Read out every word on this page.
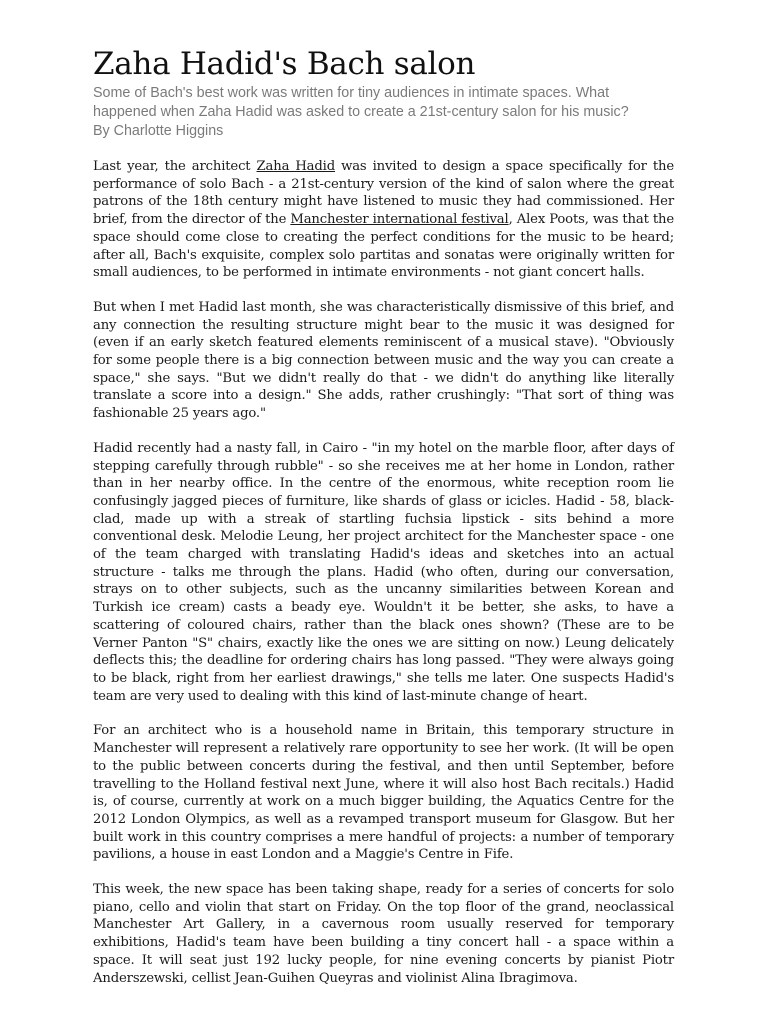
Zaha Hadid's Bach salon

Some of Bach's best work was written for tiny audiences in intimate spaces. What happened when Zaha Hadid was asked to create a 21st-century salon for his music?

By Charlotte Higgins

Last year, the architect Zaha Hadid was invited to design a space specifically for the performance of solo Bach - a 21st-century version of the kind of salon where the great patrons of the 18th century might have listened to music they had commissioned. Her brief, from the director of the Manchester international festival, Alex Poots, was that the space should come close to creating the perfect conditions for the music to be heard; after all, Bach's exquisite, complex solo partitas and sonatas were originally written for small audiences, to be performed in intimate environments - not giant concert halls.

But when I met Hadid last month, she was characteristically dismissive of this brief, and any connection the resulting structure might bear to the music it was designed for (even if an early sketch featured elements reminiscent of a musical stave). "Obviously for some people there is a big connection between music and the way you can create a space," she says. "But we didn't really do that - we didn't do anything like literally translate a score into a design." She adds, rather crushingly: "That sort of thing was fashionable 25 years ago."

Hadid recently had a nasty fall, in Cairo - "in my hotel on the marble floor, after days of stepping carefully through rubble" - so she receives me at her home in London, rather than in her nearby office. In the centre of the enormous, white reception room lie confusingly jagged pieces of furniture, like shards of glass or icicles. Hadid - 58, black-clad, made up with a streak of startling fuchsia lipstick - sits behind a more conventional desk. Melodie Leung, her project architect for the Manchester space - one of the team charged with translating Hadid's ideas and sketches into an actual structure - talks me through the plans. Hadid (who often, during our conversation, strays on to other subjects, such as the uncanny similarities between Korean and Turkish ice cream) casts a beady eye. Wouldn't it be better, she asks, to have a scattering of coloured chairs, rather than the black ones shown? (These are to be Verner Panton "S" chairs, exactly like the ones we are sitting on now.) Leung delicately deflects this; the deadline for ordering chairs has long passed. "They were always going to be black, right from her earliest drawings," she tells me later. One suspects Hadid's team are very used to dealing with this kind of last-minute change of heart.

For an architect who is a household name in Britain, this temporary structure in Manchester will represent a relatively rare opportunity to see her work. (It will be open to the public between concerts during the festival, and then until September, before travelling to the Holland festival next June, where it will also host Bach recitals.) Hadid is, of course, currently at work on a much bigger building, the Aquatics Centre for the 2012 London Olympics, as well as a revamped transport museum for Glasgow. But her built work in this country comprises a mere handful of projects: a number of temporary pavilions, a house in east London and a Maggie's Centre in Fife.

This week, the new space has been taking shape, ready for a series of concerts for solo piano, cello and violin that start on Friday. On the top floor of the grand, neoclassical Manchester Art Gallery, in a cavernous room usually reserved for temporary exhibitions, Hadid's team have been building a tiny concert hall - a space within a space. It will seat just 192 lucky people, for nine evening concerts by pianist Piotr Anderszewski, cellist Jean-Guihen Queyras and violinist Alina Ibragimova.
